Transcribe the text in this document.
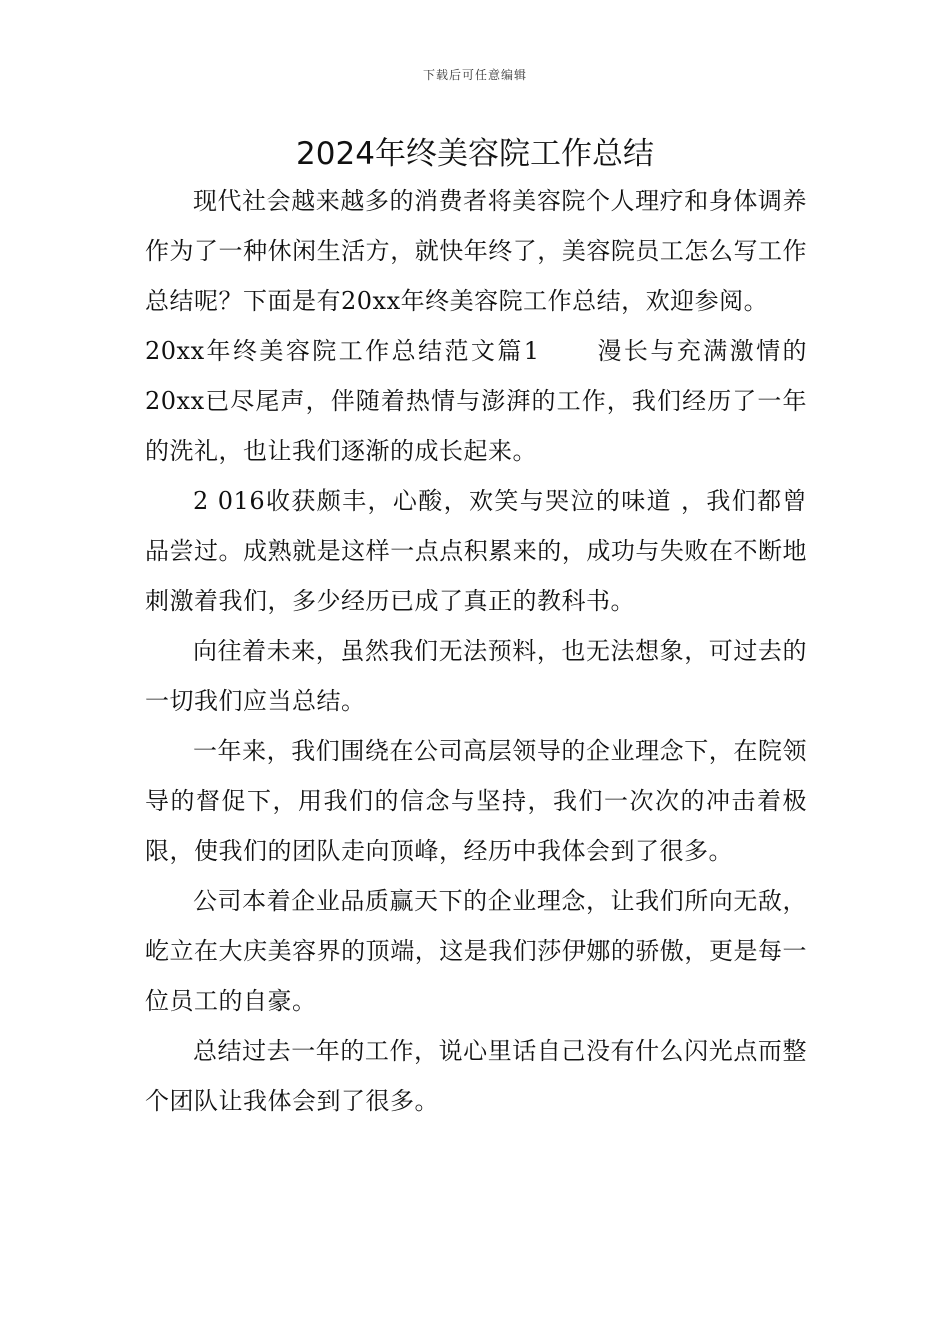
下载后可任意编辑
2024年终美容院工作总结

现代社会越来越多的消费者将美容院个人理疗和身体调养作为了一种休闲生活方，就快年终了，美容院员工怎么写工作总结呢？下面是有20xx年终美容院工作总结，欢迎参阅。

20xx年终美容院工作总结范文篇1 漫长与充满激情的20xx已尽尾声，伴随着热情与澎湃的工作，我们经历了一年的洗礼，也让我们逐渐的成长起来。

2 016收获颇丰，心酸，欢笑与哭泣的味道 ，我们都曾品尝过。成熟就是这样一点点积累来的，成功与失败在不断地刺激着我们，多少经历已成了真正的教科书。

向往着未来，虽然我们无法预料，也无法想象，可过去的一切我们应当总结。

一年来，我们围绕在公司高层领导的企业理念下，在院领导的督促下，用我们的信念与坚持，我们一次次的冲击着极限，使我们的团队走向顶峰，经历中我体会到了很多。

公司本着企业品质赢天下的企业理念，让我们所向无敌，屹立在大庆美容界的顶端，这是我们莎伊娜的骄傲，更是每一位员工的自豪。

总结过去一年的工作，说心里话自己没有什么闪光点而整个团队让我体会到了很多。
